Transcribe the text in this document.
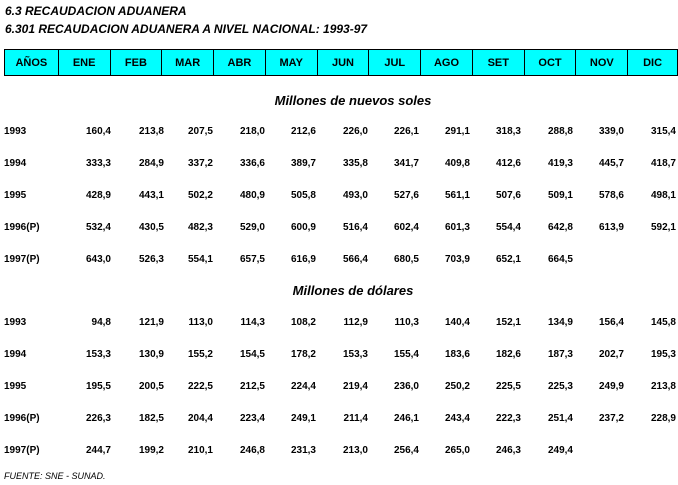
6.3 RECAUDACION ADUANERA
6.301 RECAUDACION ADUANERA A NIVEL NACIONAL: 1993-97
AÑOS	ENE	FEB	MAR	ABR	MAY	JUN	JUL	AGO	SET	OCT	NOV	DIC
Millones de nuevos soles
Millones de dólares
1993	160,4	213,8	207,5	218,0	212,6	226,0	226,1	291,1	318,3	288,8	339,0	315,4
1994	333,3	284,9	337,2	336,6	389,7	335,8	341,7	409,8	412,6	419,3	445,7	418,7
1995	428,9	443,1	502,2	480,9	505,8	493,0	527,6	561,1	507,6	509,1	578,6	498,1
1996(P)	532,4	430,5	482,3	529,0	600,9	516,4	602,4	601,3	554,4	642,8	613,9	592,1
1997(P)	643,0	526,3	554,1	657,5	616,9	566,4	680,5	703,9	652,1	664,5
1993	94,8	121,9	113,0	114,3	108,2	112,9	110,3	140,4	152,1	134,9	156,4	145,8
1994	153,3	130,9	155,2	154,5	178,2	153,3	155,4	183,6	182,6	187,3	202,7	195,3
1995	195,5	200,5	222,5	212,5	224,4	219,4	236,0	250,2	225,5	225,3	249,9	213,8
1996(P)	226,3	182,5	204,4	223,4	249,1	211,4	246,1	243,4	222,3	251,4	237,2	228,9
1997(P)	244,7	199,2	210,1	246,8	231,3	213,0	256,4	265,0	246,3	249,4
FUENTE: SNE - SUNAD.
